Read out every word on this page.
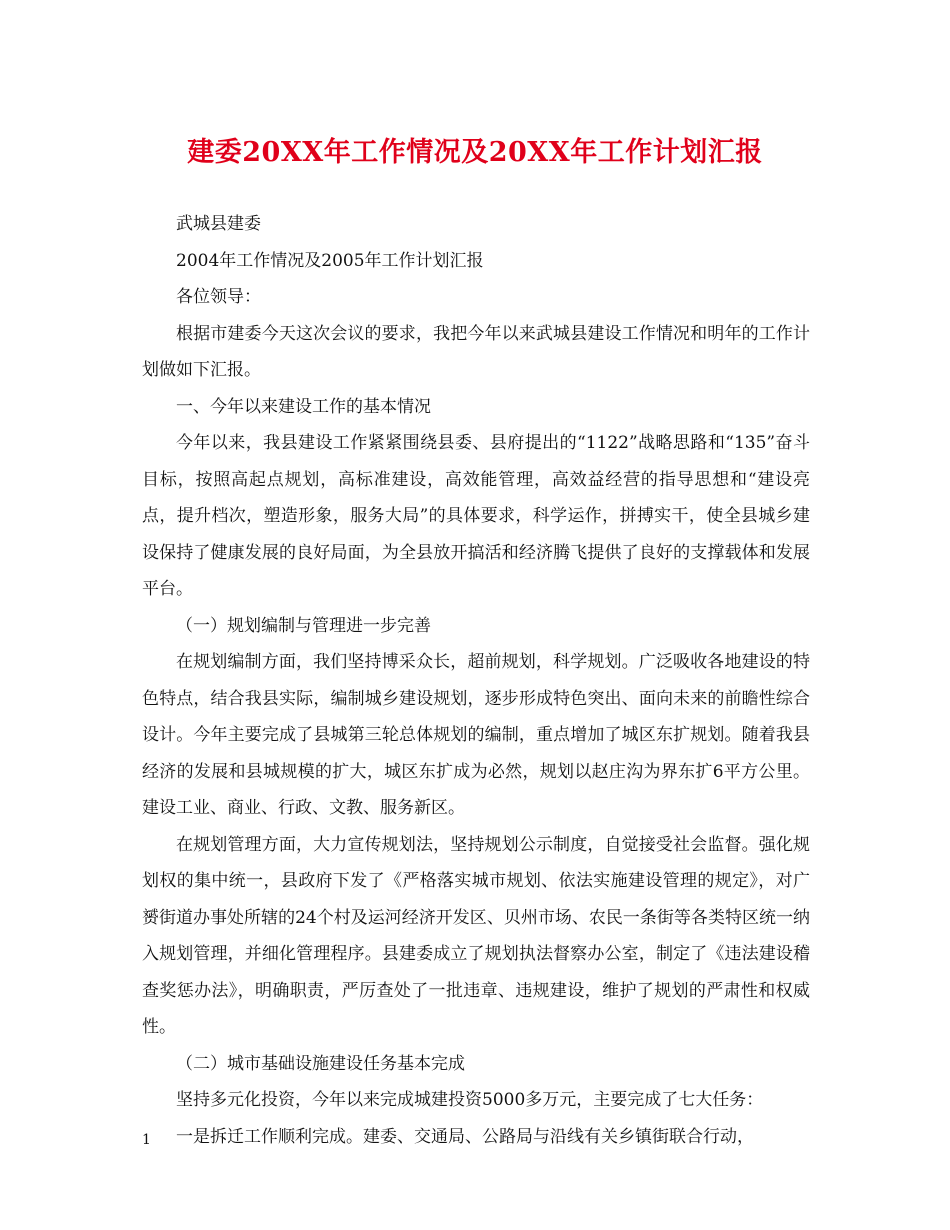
建委20XX年工作情况及20XX年工作计划汇报

武城县建委

2004年工作情况及2005年工作计划汇报

各位领导：

根据市建委今天这次会议的要求，我把今年以来武城县建设工作情况和明年的工作计划做如下汇报。

一、今年以来建设工作的基本情况

今年以来，我县建设工作紧紧围绕县委、县府提出的“1122”战略思路和“135”奋斗目标，按照高起点规划，高标准建设，高效能管理，高效益经营的指导思想和“建设亮点，提升档次，塑造形象，服务大局”的具体要求，科学运作，拼搏实干，使全县城乡建设保持了健康发展的良好局面，为全县放开搞活和经济腾飞提供了良好的支撑载体和发展平台。

（一）规划编制与管理进一步完善

在规划编制方面，我们坚持博采众长，超前规划，科学规划。广泛吸收各地建设的特色特点，结合我县实际，编制城乡建设规划，逐步形成特色突出、面向未来的前瞻性综合设计。今年主要完成了县城第三轮总体规划的编制，重点增加了城区东扩规划。随着我县经济的发展和县城规模的扩大，城区东扩成为必然，规划以赵庄沟为界东扩6平方公里。建设工业、商业、行政、文教、服务新区。

在规划管理方面，大力宣传规划法，坚持规划公示制度，自觉接受社会监督。强化规划权的集中统一，县政府下发了《严格落实城市规划、依法实施建设管理的规定》，对广赟街道办事处所辖的24个村及运河经济开发区、贝州市场、农民一条街等各类特区统一纳入规划管理，并细化管理程序。县建委成立了规划执法督察办公室，制定了《违法建设稽查奖惩办法》，明确职责，严厉查处了一批违章、违规建设，维护了规划的严肃性和权威性。

（二）城市基础设施建设任务基本完成

坚持多元化投资，今年以来完成城建投资5000多万元，主要完成了七大任务：

一是拆迁工作顺利完成。建委、交通局、公路局与沿线有关乡镇街联合行动，

1
